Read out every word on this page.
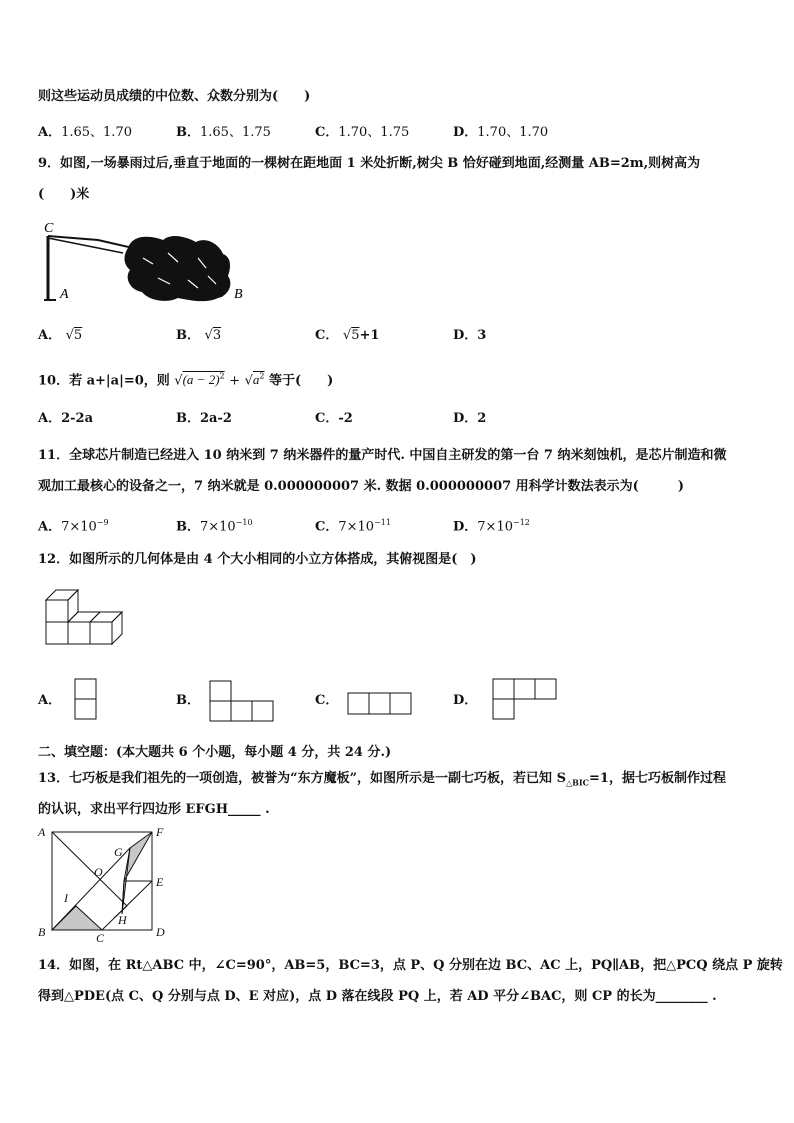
则这些运动员成绩的中位数、众数分别为(　　)
A．1.65、1.70	B．1.65、1.75	C．1.70、1.75	D．1.70、1.70
9．如图,一场暴雨过后,垂直于地面的一棵树在距地面 1 米处折断,树尖 B 恰好碰到地面,经测量 AB=2m,则树高为
(　　)米
C
A	B
A． √5	B． √3	C． √5+1	D．3
10．若 a+|a|=0，则 $√(a - 2)^2 + √a^2$ 等于(　　)
A．2-2a	B．2a-2	C．-2	D．2
11．全球芯片制造已经进入 10 纳米到 7 纳米器件的量产时代. 中国自主研发的第一台 7 纳米刻蚀机，是芯片制造和微
观加工最核心的设备之一，7 纳米就是 0.000000007 米. 数据 0.000000007 用科学计数法表示为(　　　)
A．$7\times 10^{-9}$	B．$7\times 10^{-10}$	C．$7\times 10^{-11}$	D．$7\times 10^{-12}$
12．如图所示的几何体是由 4 个大小相同的小立方体搭成，其俯视图是(　)
A．	B．	C．	D．
二、填空题：(本大题共 6 个小题，每小题 4 分，共 24 分.)
13．七巧板是我们祖先的一项创造，被誉为“东方魔板”，如图所示是一副七巧板，若已知 $S_{\triangle BIC}=1$，据七巧板制作过程
的认识，求出平行四边形 EFGH_____ .
A	F
G
O
E
I
H
B	C	D
14．如图，在 Rt△ABC 中，∠C=90°，AB=5，BC=3，点 P、Q 分别在边 BC、AC 上，PQ∥AB，把△PCQ 绕点 P 旋转
得到△PDE(点 C、Q 分别与点 D、E 对应)，点 D 落在线段 PQ 上，若 AD 平分∠BAC，则 CP 的长为________ .
